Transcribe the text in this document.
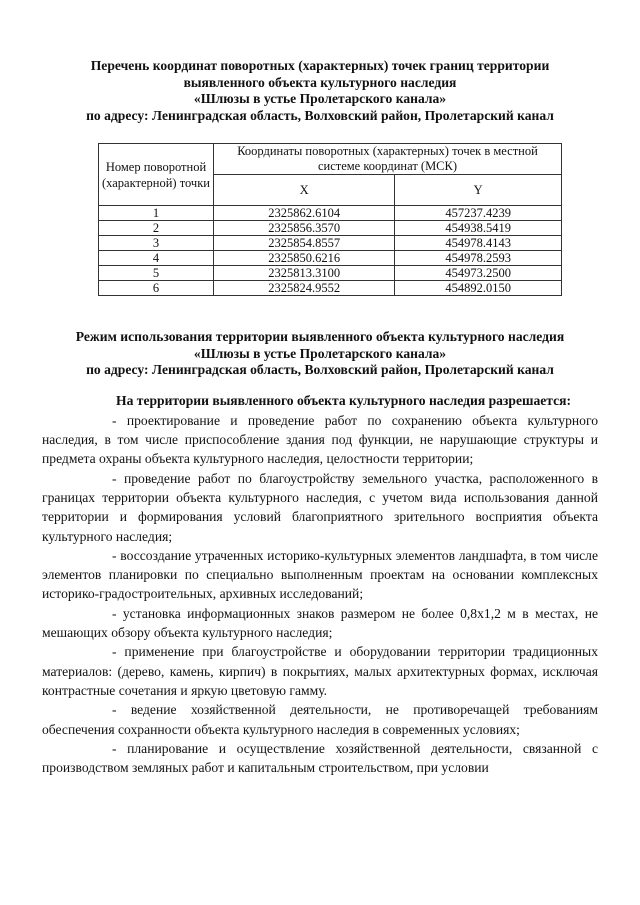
Перечень координат поворотных (характерных) точек границ территории
выявленного объекта культурного наследия
«Шлюзы в устье Пролетарского канала»
по адресу: Ленинградская область, Волховский район, Пролетарский канал
Номер поворотной (характерной) точки	Координаты поворотных (характерных) точек в местной системе координат (МСК)	
	X	Y
1	2325862.6104	457237.4239
2	2325856.3570	454938.5419
3	2325854.8557	454978.4143
4	2325850.6216	454978.2593
5	2325813.3100	454973.2500
6	2325824.9552	454892.0150
Режим использования территории выявленного объекта культурного наследия
«Шлюзы в устье Пролетарского канала»
по адресу: Ленинградская область, Волховский район, Пролетарский канал

На территории выявленного объекта культурного наследия разрешается:

- проектирование и проведение работ по сохранению объекта культурного наследия, в том числе приспособление здания под функции, не нарушающие структуры и предмета охраны объекта культурного наследия, целостности территории;

- проведение работ по благоустройству земельного участка, расположенного в границах территории объекта культурного наследия, с учетом вида использования данной территории и формирования условий благоприятного зрительного восприятия объекта культурного наследия;

- воссоздание утраченных историко-культурных элементов ландшафта, в том числе элементов планировки по специально выполненным проектам на основании комплексных историко-градостроительных, архивных исследований;

- установка информационных знаков размером не более 0,8х1,2 м в местах, не мешающих обзору объекта культурного наследия;

- применение при благоустройстве и оборудовании территории традиционных материалов: (дерево, камень, кирпич) в покрытиях, малых архитектурных формах, исключая контрастные сочетания и яркую цветовую гамму.

- ведение хозяйственной деятельности, не противоречащей требованиям обеспечения сохранности объекта культурного наследия в современных условиях;

- планирование и осуществление хозяйственной деятельности, связанной с производством земляных работ и капитальным строительством, при условии
